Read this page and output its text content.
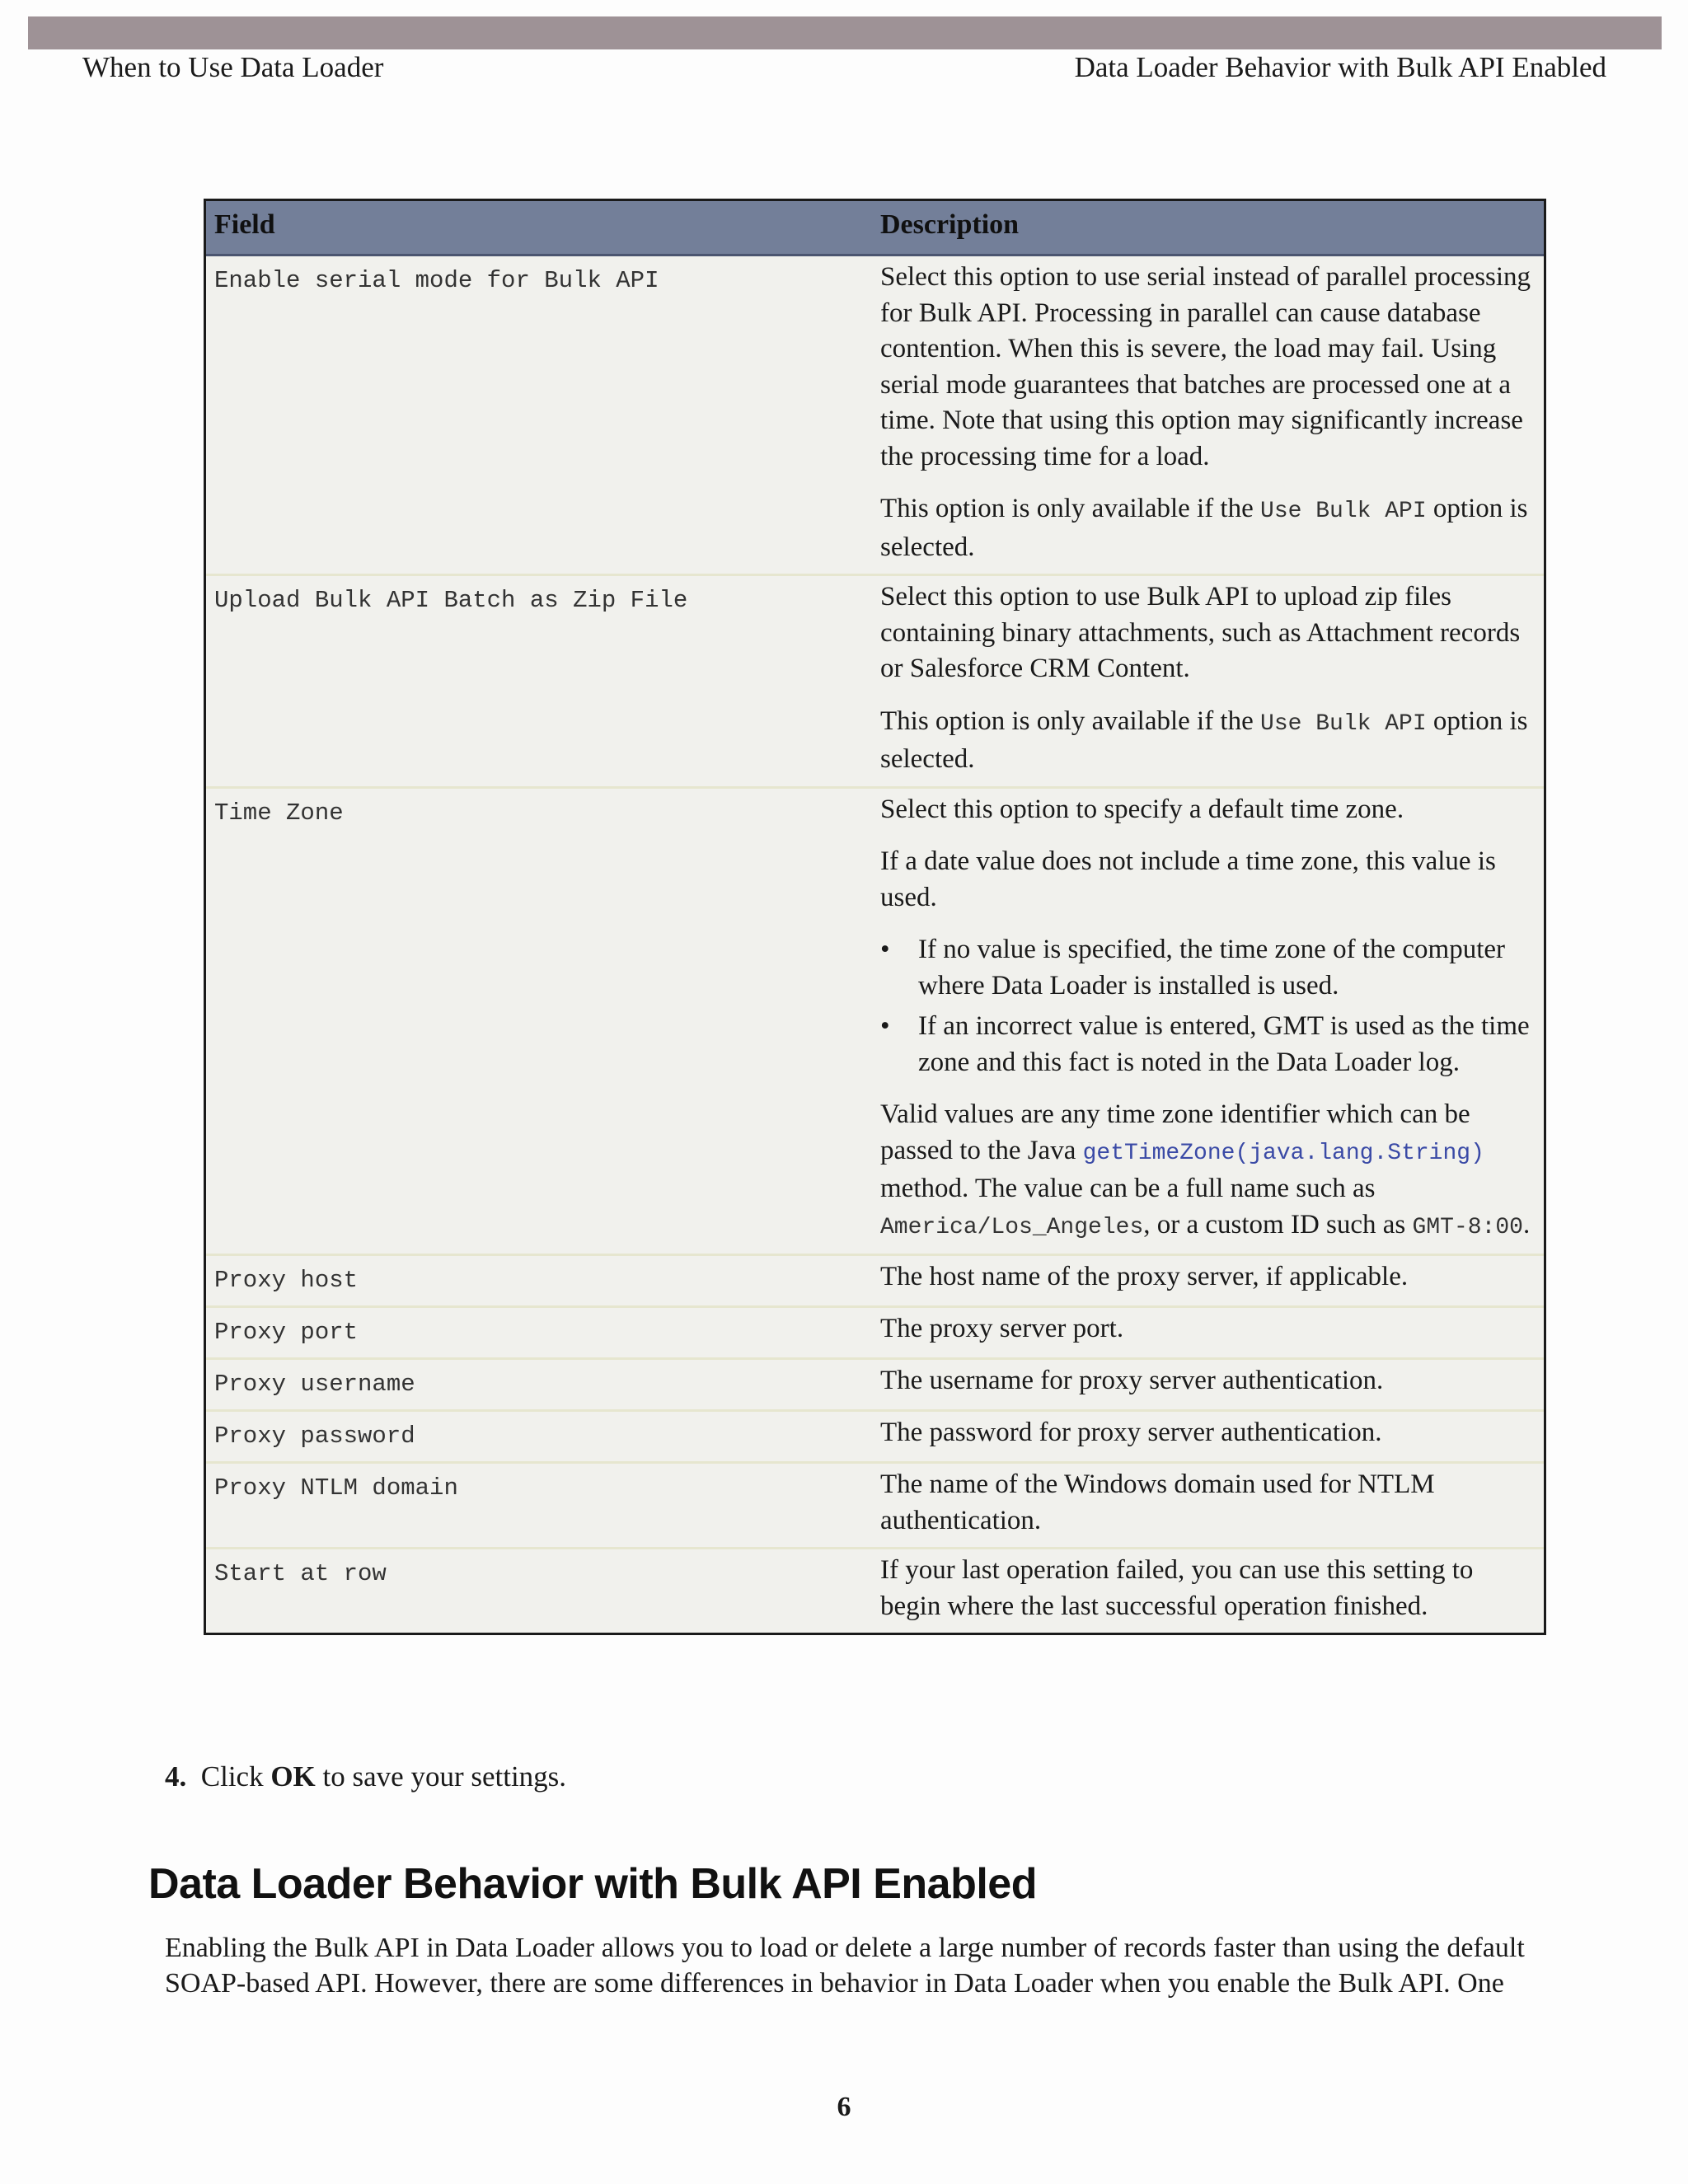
When to Use Data Loader	Data Loader Behavior with Bulk API Enabled
Field	Description
Enable serial mode for Bulk API	Select this option to use serial instead of parallel processing for Bulk API. Processing in parallel can cause database contention. When this is severe, the load may fail. Using serial mode guarantees that batches are processed one at a time. Note that using this option may significantly increase the processing time for a load.

This option is only available if the Use Bulk API option is selected.

Upload Bulk API Batch as Zip File	Select this option to use Bulk API to upload zip files containing binary attachments, such as Attachment records or Salesforce CRM Content.

This option is only available if the Use Bulk API option is selected.

Time Zone	Select this option to specify a default time zone.

If a date value does not include a time zone, this value is used.

• If no value is specified, the time zone of the computer where Data Loader is installed is used.
• If an incorrect value is entered, GMT is used as the time zone and this fact is noted in the Data Loader log.

Valid values are any time zone identifier which can be passed to the Java getTimeZone(java.lang.String) method. The value can be a full name such as America/Los_Angeles, or a custom ID such as GMT-8:00.

Proxy host	The host name of the proxy server, if applicable.

Proxy port	The proxy server port.

Proxy username	The username for proxy server authentication.

Proxy password	The password for proxy server authentication.

Proxy NTLM domain	The name of the Windows domain used for NTLM authentication.

Start at row	If your last operation failed, you can use this setting to begin where the last successful operation finished.

4. Click OK to save your settings.
Data Loader Behavior with Bulk API Enabled

Enabling the Bulk API in Data Loader allows you to load or delete a large number of records faster than using the default SOAP-based API. However, there are some differences in behavior in Data Loader when you enable the Bulk API. One

6
